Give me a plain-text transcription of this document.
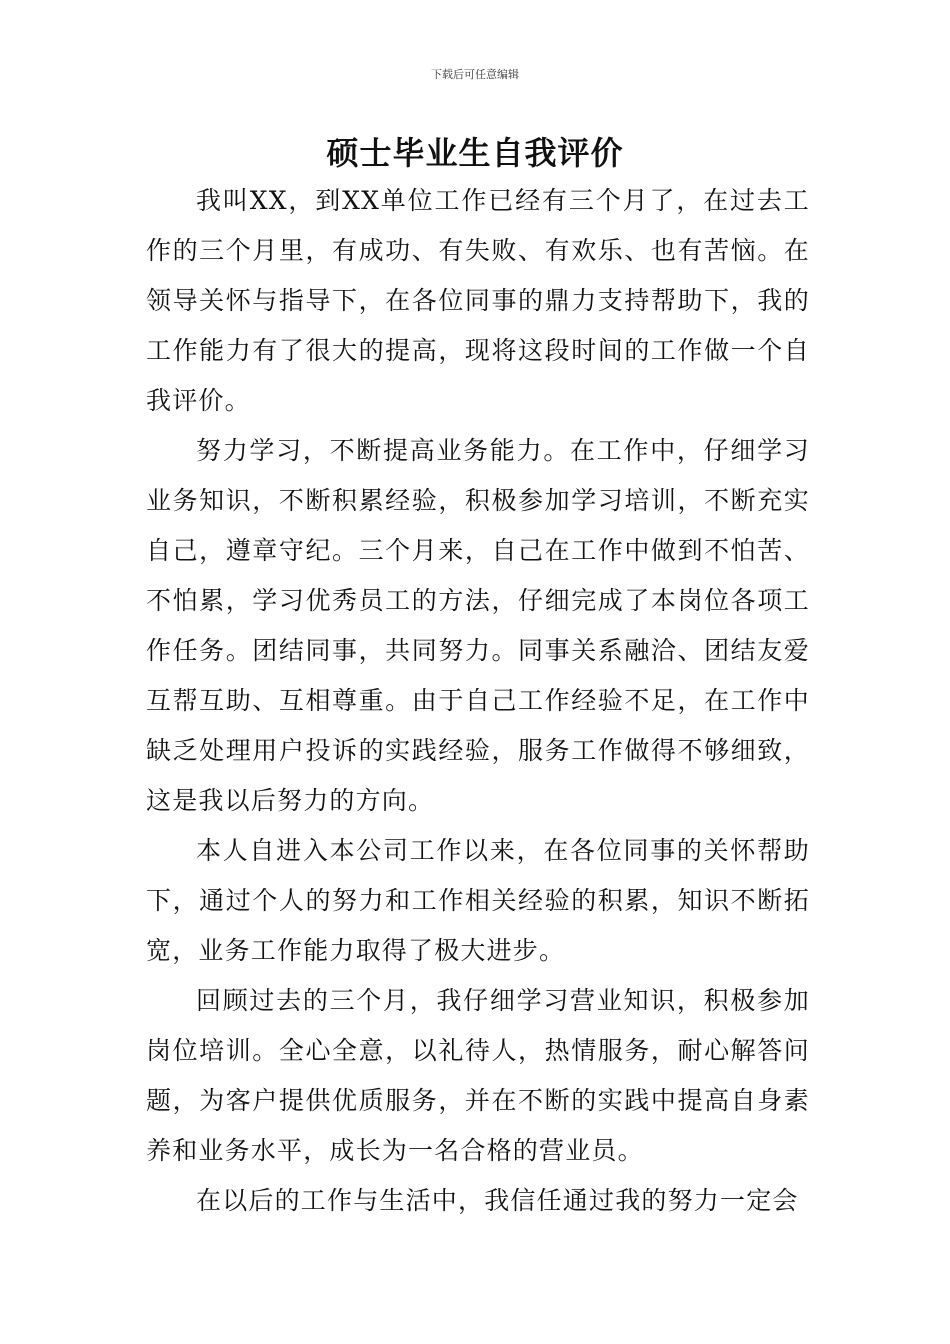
下载后可任意编辑
硕士毕业生自我评价

我叫XX，到XX单位工作已经有三个月了，在过去工作的三个月里，有成功、有失败、有欢乐、也有苦恼。在领导关怀与指导下，在各位同事的鼎力支持帮助下，我的工作能力有了很大的提高，现将这段时间的工作做一个自我评价。

努力学习，不断提高业务能力。在工作中，仔细学习业务知识，不断积累经验，积极参加学习培训，不断充实自己，遵章守纪。三个月来，自己在工作中做到不怕苦、不怕累，学习优秀员工的方法，仔细完成了本岗位各项工作任务。团结同事，共同努力。同事关系融洽、团结友爱互帮互助、互相尊重。由于自己工作经验不足，在工作中缺乏处理用户投诉的实践经验，服务工作做得不够细致，这是我以后努力的方向。

本人自进入本公司工作以来，在各位同事的关怀帮助下，通过个人的努力和工作相关经验的积累，知识不断拓宽，业务工作能力取得了极大进步。

回顾过去的三个月，我仔细学习营业知识，积极参加岗位培训。全心全意，以礼待人，热情服务，耐心解答问题，为客户提供优质服务，并在不断的实践中提高自身素养和业务水平，成长为一名合格的营业员。

在以后的工作与生活中，我信任通过我的努力一定会
